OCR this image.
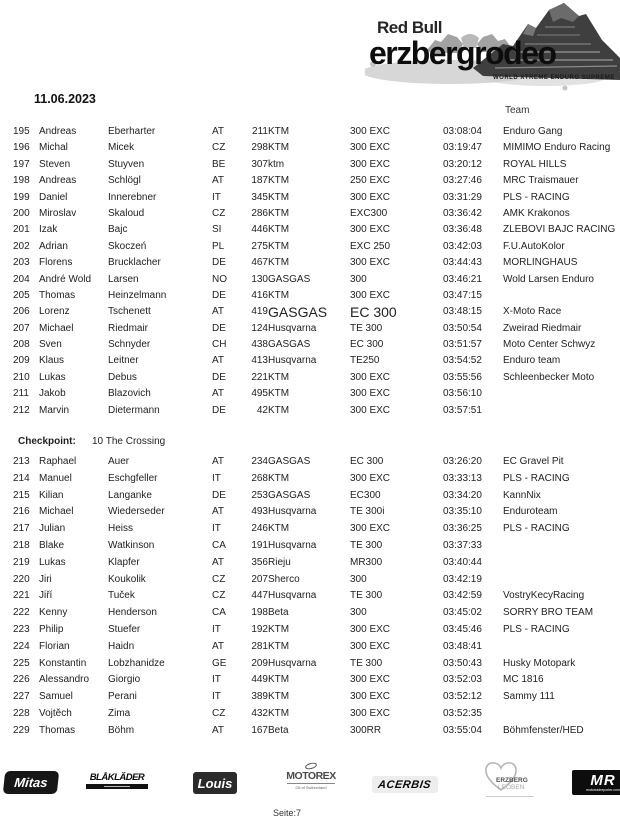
Red Bull
erzbergrodeo
WORLD XTREME ENDURO SUPREME
11.06.2023
Team
195 Andreas	Eberharter	AT	211 KTM	300 EXC	03:08:04	Enduro Gang
196 Michal	Micek	CZ	298 KTM	300 EXC	03:19:47	MIMIMO Enduro Racing
197 Steven	Stuyven	BE	307 ktm	300 EXC	03:20:12	ROYAL HILLS
198 Andreas	Schlögl	AT	187 KTM	250 EXC	03:27:46	MRC Traismauer
199 Daniel	Innerebner	IT	345 KTM	300 EXC	03:31:29	PLS - RACING
200 Miroslav	Skaloud	CZ	286 KTM	EXC300	03:36:42	AMK Krakonos
201 Izak	Bajc	SI	446 KTM	300 EXC	03:36:48	ZLEBOVI BAJC RACING
202 Adrian	Skoczeń	PL	275 KTM	EXC 250	03:42:03	F.U.AutoKolor
203 Florens	Brucklacher	DE	467 KTM	300 EXC	03:44:43	MORLINGHAUS
204 André Wold	Larsen	NO	130 GASGAS	300	03:46:21	Wold Larsen Enduro
205 Thomas	Heinzelmann	DE	416 KTM	300 EXC	03:47:15
206 Lorenz	Tschenett	AT	419 GASGAS	EC 300	03:48:15	X-Moto Race
207 Michael	Riedmair	DE	124 Husqvarna	TE 300	03:50:54	Zweirad Riedmair
208 Sven	Schnyder	CH	438 GASGAS	EC 300	03:51:57	Moto Center Schwyz
209 Klaus	Leitner	AT	413 Husqvarna	TE250	03:54:52	Enduro team
210 Lukas	Debus	DE	221 KTM	300 EXC	03:55:56	Schleenbecker Moto
211	Jakob	Blazovich	AT	495 KTM	300 EXC	03:56:10
212 Marvin	Dietermann	DE	42 KTM	300 EXC	03:57:51
Checkpoint:	10 The Crossing
213 Raphael	Auer	AT	234 GASGAS	EC 300	03:26:20	EC Gravel Pit
214 Manuel	Eschgfeller	IT	268 KTM	300 EXC	03:33:13	PLS - RACING
215 Kilian	Langanke	DE	253 GASGAS	EC300	03:34:20	KannNix
216 Michael	Wiederseder	AT	493 Husqvarna	TE 300i	03:35:10	Enduroteam
217 Julian	Heiss	IT	246 KTM	300 EXC	03:36:25	PLS - RACING
218 Blake	Watkinson	CA	191 Husqvarna	TE 300	03:37:33
219 Lukas	Klapfer	AT	356 Rieju	MR300	03:40:44
220 Jiri	Koukolik	CZ	207 Sherco	300	03:42:19
221 Jiří	Tuček	CZ	447 Husqvarna	TE 300	03:42:59	VostryKecyRacing
222 Kenny	Henderson	CA	198 Beta	300	03:45:02	SORRY BRO TEAM
223 Philip	Stuefer	IT	192 KTM	300 EXC	03:45:46	PLS - RACING
224 Florian	Haidn	AT	281 KTM	300 EXC	03:48:41
225 Konstantin	Lobzhanidze	GE	209 Husqvarna	TE 300	03:50:43	Husky Motopark
226 Alessandro	Giorgio	IT	449 KTM	300 EXC	03:52:03	MC 1816
227 Samuel	Perani	IT	389 KTM	300 EXC	03:52:12	Sammy 111
228 Vojtěch	Zima	CZ	432 KTM	300 EXC	03:52:35
229 Thomas	Böhm	AT	167 Beta	300RR	03:55:04	Böhmfenster/HED
Mitas	BLÅKLÄDER	Louis	MOTOREX
Oil of Switzerland	ACERBIS	ERZBERG
LEOBEN	MR
motorradreporter.com
Seite:7
